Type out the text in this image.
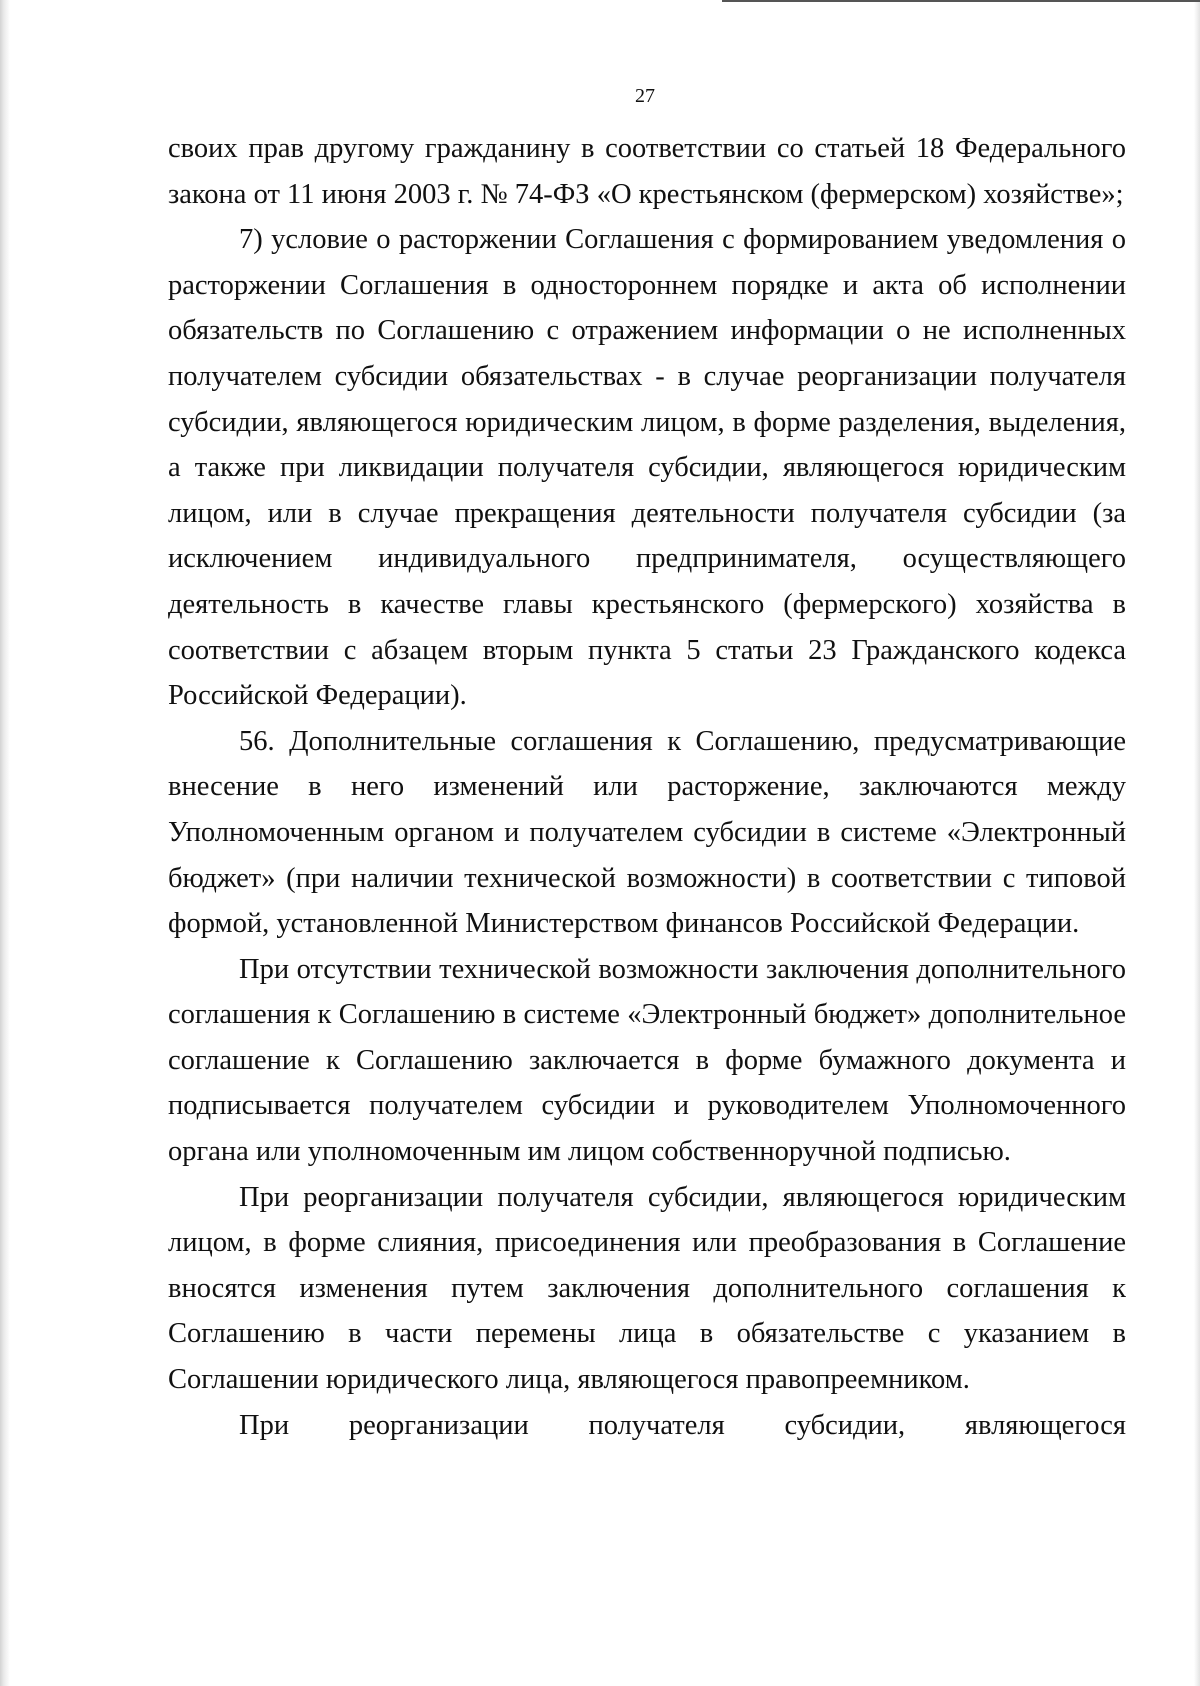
27

своих прав другому гражданину в соответствии со статьей 18 Федерального закона от 11 июня 2003 г. № 74-ФЗ «О крестьянском (фермерском) хозяйстве»;

7) условие о расторжении Соглашения с формированием уведомления о расторжении Соглашения в одностороннем порядке и акта об исполнении обязательств по Соглашению с отражением информации о не исполненных получателем субсидии обязательствах - в случае реорганизации получателя субсидии, являющегося юридическим лицом, в форме разделения, выделения, а также при ликвидации получателя субсидии, являющегося юридическим лицом, или в случае прекращения деятельности получателя субсидии (за исключением индивидуального предпринимателя, осуществляющего деятельность в качестве главы крестьянского (фермерского) хозяйства в соответствии с абзацем вторым пункта 5 статьи 23 Гражданского кодекса Российской Федерации).

56. Дополнительные соглашения к Соглашению, предусматривающие внесение в него изменений или расторжение, заключаются между Уполномоченным органом и получателем субсидии в системе «Электронный бюджет» (при наличии технической возможности) в соответствии с типовой формой, установленной Министерством финансов Российской Федерации.

При отсутствии технической возможности заключения дополнительного соглашения к Соглашению в системе «Электронный бюджет» дополнительное соглашение к Соглашению заключается в форме бумажного документа и подписывается получателем субсидии и руководителем Уполномоченного органа или уполномоченным им лицом собственноручной подписью.

При реорганизации получателя субсидии, являющегося юридическим лицом, в форме слияния, присоединения или преобразования в Соглашение вносятся изменения путем заключения дополнительного соглашения к Соглашению в части перемены лица в обязательстве с указанием в Соглашении юридического лица, являющегося правопреемником.

При реорганизации получателя субсидии, являющегося
